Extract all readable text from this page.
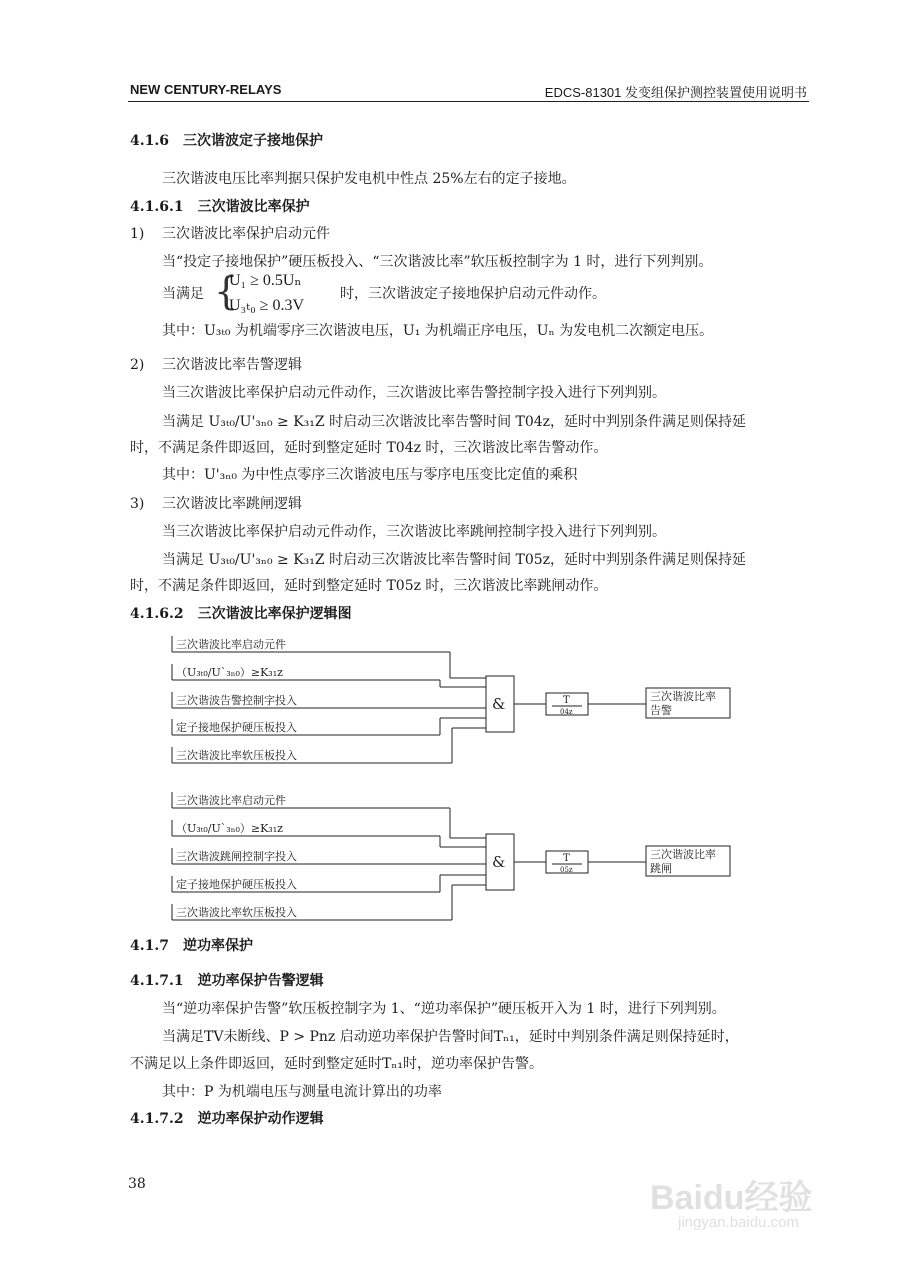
NEW CENTURY-RELAYS	EDCS-81301 发变组保护测控装置使用说明书
4.1.6　三次谐波定子接地保护
三次谐波电压比率判据只保护发电机中性点 25%左右的定子接地。
4.1.6.1　三次谐波比率保护
1) 三次谐波比率保护启动元件
当“投定子接地保护”硬压板投入、“三次谐波比率”软压板控制字为 1 时，进行下列判别。
当满足 {
U₁ ≥ 0.5Uₙ
U₃ₜ₀ ≥ 0.3V
时，三次谐波定子接地保护启动元件动作。
其中：U₃ₜ₀ 为机端零序三次谐波电压，U₁ 为机端正序电压，Uₙ 为发电机二次额定电压。
2) 三次谐波比率告警逻辑
当三次谐波比率保护启动元件动作，三次谐波比率告警控制字投入进行下列判别。
当满足 U₃ₜ₀/U'₃ₙ₀ ≥ K₃₁Z 时启动三次谐波比率告警时间 T04z，延时中判别条件满足则保持延
时，不满足条件即返回，延时到整定延时 T04z 时，三次谐波比率告警动作。
其中：U'₃ₙ₀ 为中性点零序三次谐波电压与零序电压变比定值的乘积
3) 三次谐波比率跳闸逻辑
当三次谐波比率保护启动元件动作，三次谐波比率跳闸控制字投入进行下列判别。
当满足 U₃ₜ₀/U'₃ₙ₀ ≥ K₃₁Z 时启动三次谐波比率告警时间 T05z，延时中判别条件满足则保持延
时，不满足条件即返回，延时到整定延时 T05z 时，三次谐波比率跳闸动作。
4.1.6.2　三次谐波比率保护逻辑图
三次谐波比率启动元件
（U₃ₜ₀/U`₃ₙ₀）≥K₃₁z
三次谐波告警控制字投入
定子接地保护硬压板投入
三次谐波比率软压板投入
&	T
04z
三次谐波比率
告警
三次谐波比率启动元件
（U₃ₜ₀/U`₃ₙ₀）≥K₃₁z
三次谐波跳闸控制字投入
定子接地保护硬压板投入
三次谐波比率软压板投入
&	T
05z
三次谐波比率
跳闸
4.1.7　逆功率保护
4.1.7.1　逆功率保护告警逻辑
当“逆功率保护告警”软压板控制字为 1、“逆功率保护”硬压板开入为 1 时，进行下列判别。
当满足TV未断线、P > Pnz 启动逆功率保护告警时间Tₙ₁，延时中判别条件满足则保持延时，
不满足以上条件即返回，延时到整定延时Tₙ₁时，逆功率保护告警。
其中：P 为机端电压与测量电流计算出的功率
4.1.7.2　逆功率保护动作逻辑
38	Baidu经验
jingyan.baidu.com
